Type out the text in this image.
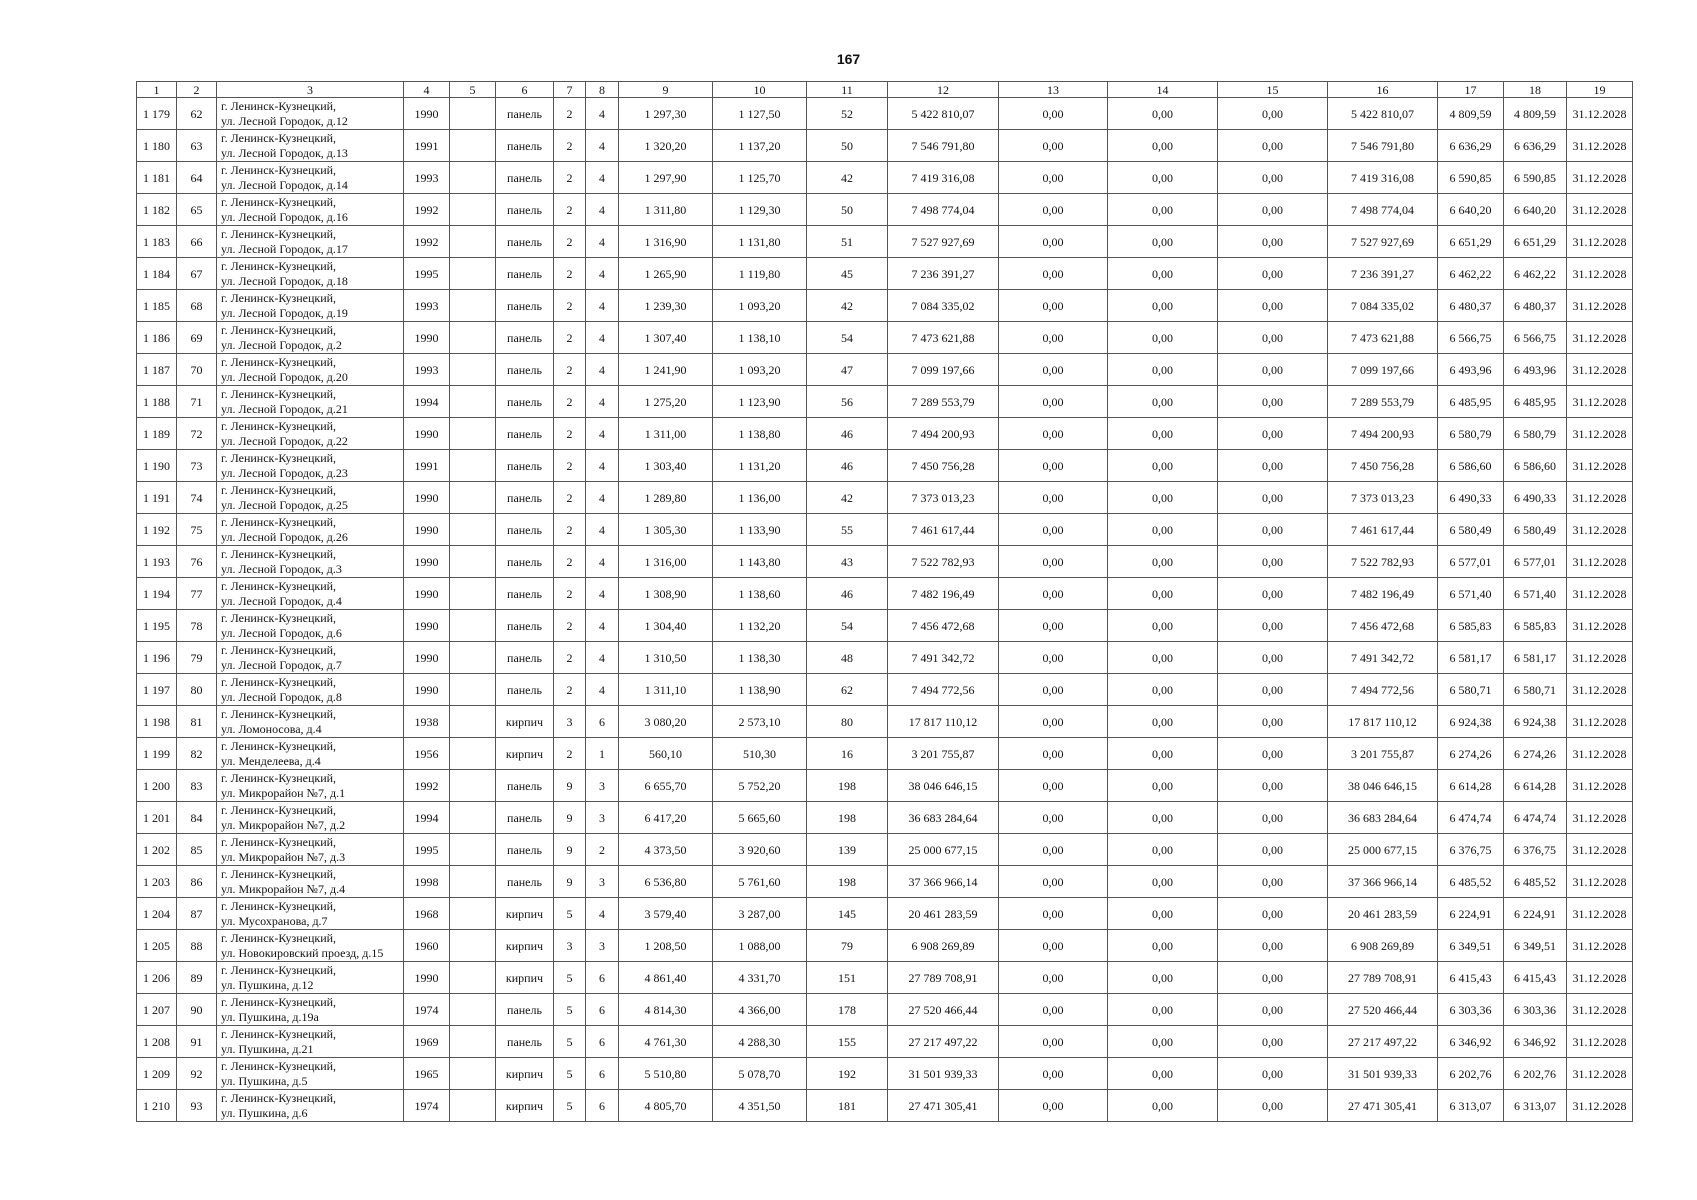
167
1	2	3	4	5	6	7	8	9	10	11	12	13	14	15	16	17	18	19
1 179	62	г. Ленинск-Кузнецкий,
ул. Лесной Городок, д.12	1990		панель	2	4	1 297,30	1 127,50	52	5 422 810,07	0,00	0,00	0,00	5 422 810,07	4 809,59	4 809,59	31.12.2028
1 180	63	г. Ленинск-Кузнецкий,
ул. Лесной Городок, д.13	1991		панель	2	4	1 320,20	1 137,20	50	7 546 791,80	0,00	0,00	0,00	7 546 791,80	6 636,29	6 636,29	31.12.2028
1 181	64	г. Ленинск-Кузнецкий,
ул. Лесной Городок, д.14	1993		панель	2	4	1 297,90	1 125,70	42	7 419 316,08	0,00	0,00	0,00	7 419 316,08	6 590,85	6 590,85	31.12.2028
1 182	65	г. Ленинск-Кузнецкий,
ул. Лесной Городок, д.16	1992		панель	2	4	1 311,80	1 129,30	50	7 498 774,04	0,00	0,00	0,00	7 498 774,04	6 640,20	6 640,20	31.12.2028
1 183	66	г. Ленинск-Кузнецкий,
ул. Лесной Городок, д.17	1992		панель	2	4	1 316,90	1 131,80	51	7 527 927,69	0,00	0,00	0,00	7 527 927,69	6 651,29	6 651,29	31.12.2028
1 184	67	г. Ленинск-Кузнецкий,
ул. Лесной Городок, д.18	1995		панель	2	4	1 265,90	1 119,80	45	7 236 391,27	0,00	0,00	0,00	7 236 391,27	6 462,22	6 462,22	31.12.2028
1 185	68	г. Ленинск-Кузнецкий,
ул. Лесной Городок, д.19	1993		панель	2	4	1 239,30	1 093,20	42	7 084 335,02	0,00	0,00	0,00	7 084 335,02	6 480,37	6 480,37	31.12.2028
1 186	69	г. Ленинск-Кузнецкий,
ул. Лесной Городок, д.2	1990		панель	2	4	1 307,40	1 138,10	54	7 473 621,88	0,00	0,00	0,00	7 473 621,88	6 566,75	6 566,75	31.12.2028
1 187	70	г. Ленинск-Кузнецкий,
ул. Лесной Городок, д.20	1993		панель	2	4	1 241,90	1 093,20	47	7 099 197,66	0,00	0,00	0,00	7 099 197,66	6 493,96	6 493,96	31.12.2028
1 188	71	г. Ленинск-Кузнецкий,
ул. Лесной Городок, д.21	1994		панель	2	4	1 275,20	1 123,90	56	7 289 553,79	0,00	0,00	0,00	7 289 553,79	6 485,95	6 485,95	31.12.2028
1 189	72	г. Ленинск-Кузнецкий,
ул. Лесной Городок, д.22	1990		панель	2	4	1 311,00	1 138,80	46	7 494 200,93	0,00	0,00	0,00	7 494 200,93	6 580,79	6 580,79	31.12.2028
1 190	73	г. Ленинск-Кузнецкий,
ул. Лесной Городок, д.23	1991		панель	2	4	1 303,40	1 131,20	46	7 450 756,28	0,00	0,00	0,00	7 450 756,28	6 586,60	6 586,60	31.12.2028
1 191	74	г. Ленинск-Кузнецкий,
ул. Лесной Городок, д.25	1990		панель	2	4	1 289,80	1 136,00	42	7 373 013,23	0,00	0,00	0,00	7 373 013,23	6 490,33	6 490,33	31.12.2028
1 192	75	г. Ленинск-Кузнецкий,
ул. Лесной Городок, д.26	1990		панель	2	4	1 305,30	1 133,90	55	7 461 617,44	0,00	0,00	0,00	7 461 617,44	6 580,49	6 580,49	31.12.2028
1 193	76	г. Ленинск-Кузнецкий,
ул. Лесной Городок, д.3	1990		панель	2	4	1 316,00	1 143,80	43	7 522 782,93	0,00	0,00	0,00	7 522 782,93	6 577,01	6 577,01	31.12.2028
1 194	77	г. Ленинск-Кузнецкий,
ул. Лесной Городок, д.4	1990		панель	2	4	1 308,90	1 138,60	46	7 482 196,49	0,00	0,00	0,00	7 482 196,49	6 571,40	6 571,40	31.12.2028
1 195	78	г. Ленинск-Кузнецкий,
ул. Лесной Городок, д.6	1990		панель	2	4	1 304,40	1 132,20	54	7 456 472,68	0,00	0,00	0,00	7 456 472,68	6 585,83	6 585,83	31.12.2028
1 196	79	г. Ленинск-Кузнецкий,
ул. Лесной Городок, д.7	1990		панель	2	4	1 310,50	1 138,30	48	7 491 342,72	0,00	0,00	0,00	7 491 342,72	6 581,17	6 581,17	31.12.2028
1 197	80	г. Ленинск-Кузнецкий,
ул. Лесной Городок, д.8	1990		панель	2	4	1 311,10	1 138,90	62	7 494 772,56	0,00	0,00	0,00	7 494 772,56	6 580,71	6 580,71	31.12.2028
1 198	81	г. Ленинск-Кузнецкий,
ул. Ломоносова, д.4	1938		кирпич	3	6	3 080,20	2 573,10	80	17 817 110,12	0,00	0,00	0,00	17 817 110,12	6 924,38	6 924,38	31.12.2028
1 199	82	г. Ленинск-Кузнецкий,
ул. Менделеева, д.4	1956		кирпич	2	1	560,10	510,30	16	3 201 755,87	0,00	0,00	0,00	3 201 755,87	6 274,26	6 274,26	31.12.2028
1 200	83	г. Ленинск-Кузнецкий,
ул. Микрорайон №7, д.1	1992		панель	9	3	6 655,70	5 752,20	198	38 046 646,15	0,00	0,00	0,00	38 046 646,15	6 614,28	6 614,28	31.12.2028
1 201	84	г. Ленинск-Кузнецкий,
ул. Микрорайон №7, д.2	1994		панель	9	3	6 417,20	5 665,60	198	36 683 284,64	0,00	0,00	0,00	36 683 284,64	6 474,74	6 474,74	31.12.2028
1 202	85	г. Ленинск-Кузнецкий,
ул. Микрорайон №7, д.3	1995		панель	9	2	4 373,50	3 920,60	139	25 000 677,15	0,00	0,00	0,00	25 000 677,15	6 376,75	6 376,75	31.12.2028
1 203	86	г. Ленинск-Кузнецкий,
ул. Микрорайон №7, д.4	1998		панель	9	3	6 536,80	5 761,60	198	37 366 966,14	0,00	0,00	0,00	37 366 966,14	6 485,52	6 485,52	31.12.2028
1 204	87	г. Ленинск-Кузнецкий,
ул. Мусохранова, д.7	1968		кирпич	5	4	3 579,40	3 287,00	145	20 461 283,59	0,00	0,00	0,00	20 461 283,59	6 224,91	6 224,91	31.12.2028
1 205	88	г. Ленинск-Кузнецкий,
ул. Новокировский проезд, д.15	1960		кирпич	3	3	1 208,50	1 088,00	79	6 908 269,89	0,00	0,00	0,00	6 908 269,89	6 349,51	6 349,51	31.12.2028
1 206	89	г. Ленинск-Кузнецкий,
ул. Пушкина, д.12	1990		кирпич	5	6	4 861,40	4 331,70	151	27 789 708,91	0,00	0,00	0,00	27 789 708,91	6 415,43	6 415,43	31.12.2028
1 207	90	г. Ленинск-Кузнецкий,
ул. Пушкина, д.19а	1974		панель	5	6	4 814,30	4 366,00	178	27 520 466,44	0,00	0,00	0,00	27 520 466,44	6 303,36	6 303,36	31.12.2028
1 208	91	г. Ленинск-Кузнецкий,
ул. Пушкина, д.21	1969		панель	5	6	4 761,30	4 288,30	155	27 217 497,22	0,00	0,00	0,00	27 217 497,22	6 346,92	6 346,92	31.12.2028
1 209	92	г. Ленинск-Кузнецкий,
ул. Пушкина, д.5	1965		кирпич	5	6	5 510,80	5 078,70	192	31 501 939,33	0,00	0,00	0,00	31 501 939,33	6 202,76	6 202,76	31.12.2028
1 210	93	г. Ленинск-Кузнецкий,
ул. Пушкина, д.6	1974		кирпич	5	6	4 805,70	4 351,50	181	27 471 305,41	0,00	0,00	0,00	27 471 305,41	6 313,07	6 313,07	31.12.2028
